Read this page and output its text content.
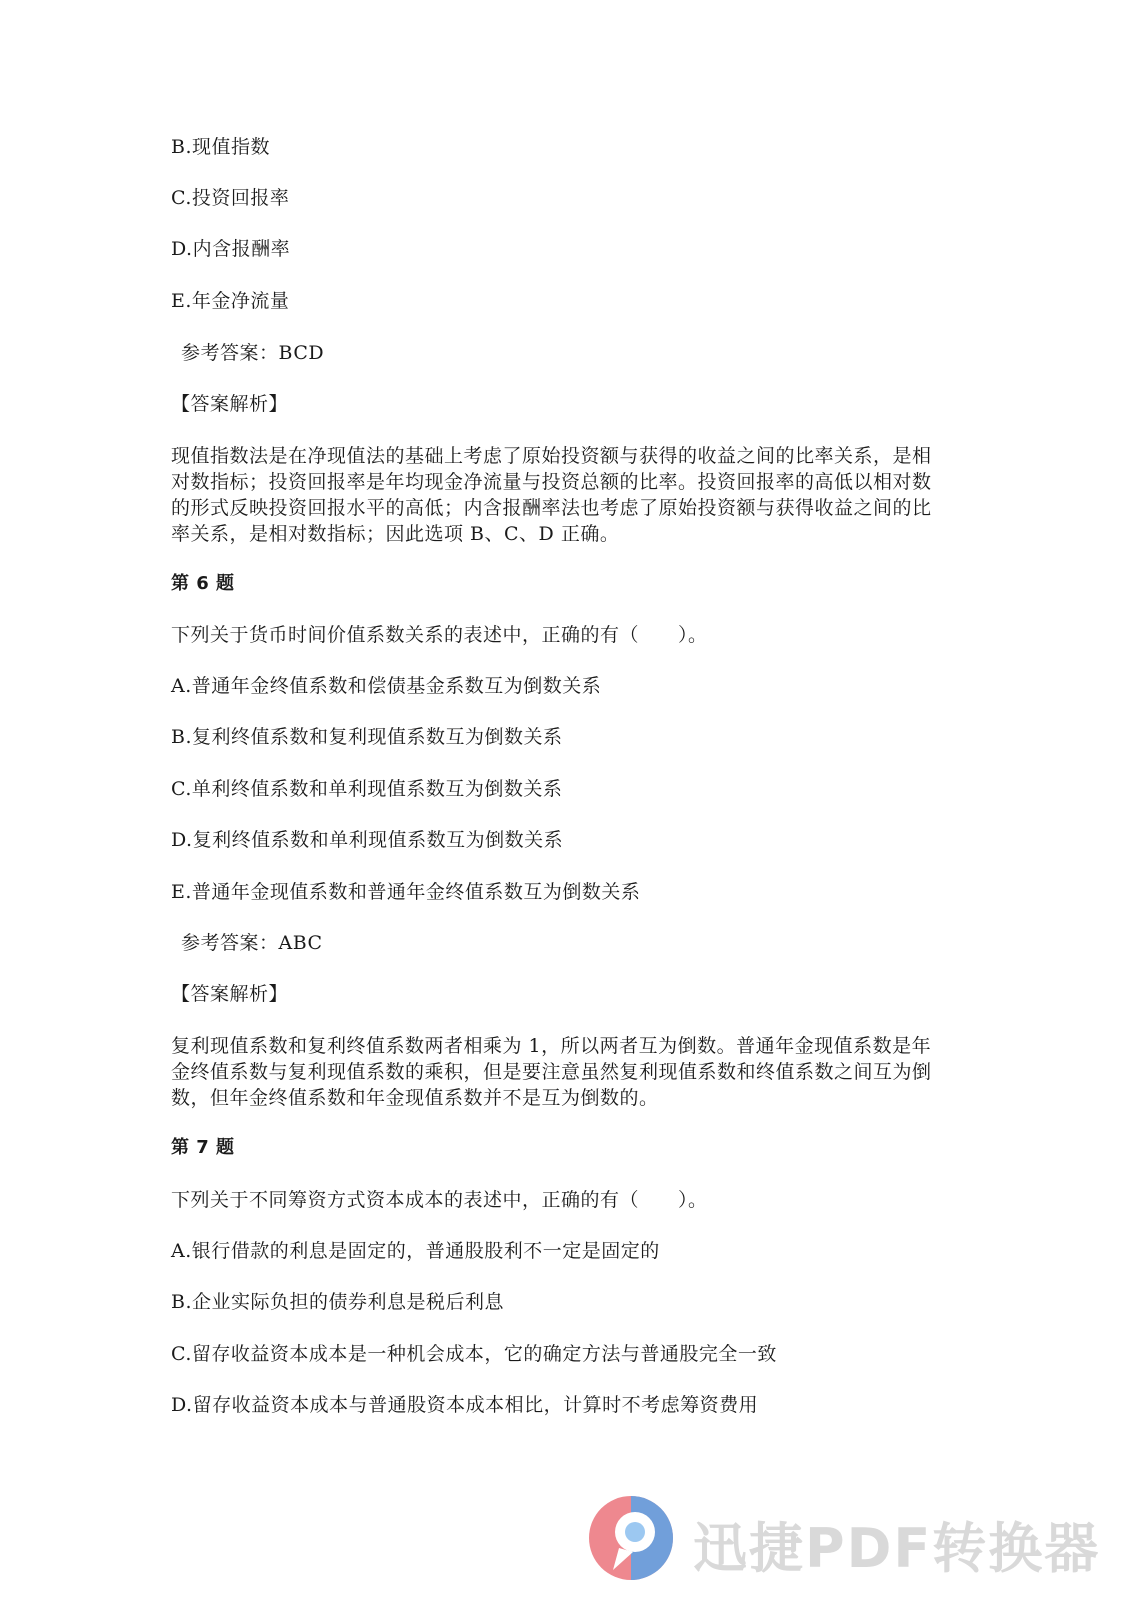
B.现值指数
C.投资回报率
D.内含报酬率
E.年金净流量
参考答案：BCD
【答案解析】
现值指数法是在净现值法的基础上考虑了原始投资额与获得的收益之间的比率关系，是相
对数指标；投资回报率是年均现金净流量与投资总额的比率。投资回报率的高低以相对数
的形式反映投资回报水平的高低；内含报酬率法也考虑了原始投资额与获得收益之间的比
率关系，是相对数指标；因此选项 B、C、D 正确。
第 6 题
下列关于货币时间价值系数关系的表述中，正确的有（　　）。
A.普通年金终值系数和偿债基金系数互为倒数关系
B.复利终值系数和复利现值系数互为倒数关系
C.单利终值系数和单利现值系数互为倒数关系
D.复利终值系数和单利现值系数互为倒数关系
E.普通年金现值系数和普通年金终值系数互为倒数关系
参考答案：ABC
【答案解析】
复利现值系数和复利终值系数两者相乘为 1，所以两者互为倒数。普通年金现值系数是年
金终值系数与复利现值系数的乘积，但是要注意虽然复利现值系数和终值系数之间互为倒
数，但年金终值系数和年金现值系数并不是互为倒数的。
第 7 题
下列关于不同筹资方式资本成本的表述中，正确的有（　　）。
A.银行借款的利息是固定的，普通股股利不一定是固定的
B.企业实际负担的债券利息是税后利息
C.留存收益资本成本是一种机会成本，它的确定方法与普通股完全一致
D.留存收益资本成本与普通股资本成本相比，计算时不考虑筹资费用
迅捷PDF转换器
